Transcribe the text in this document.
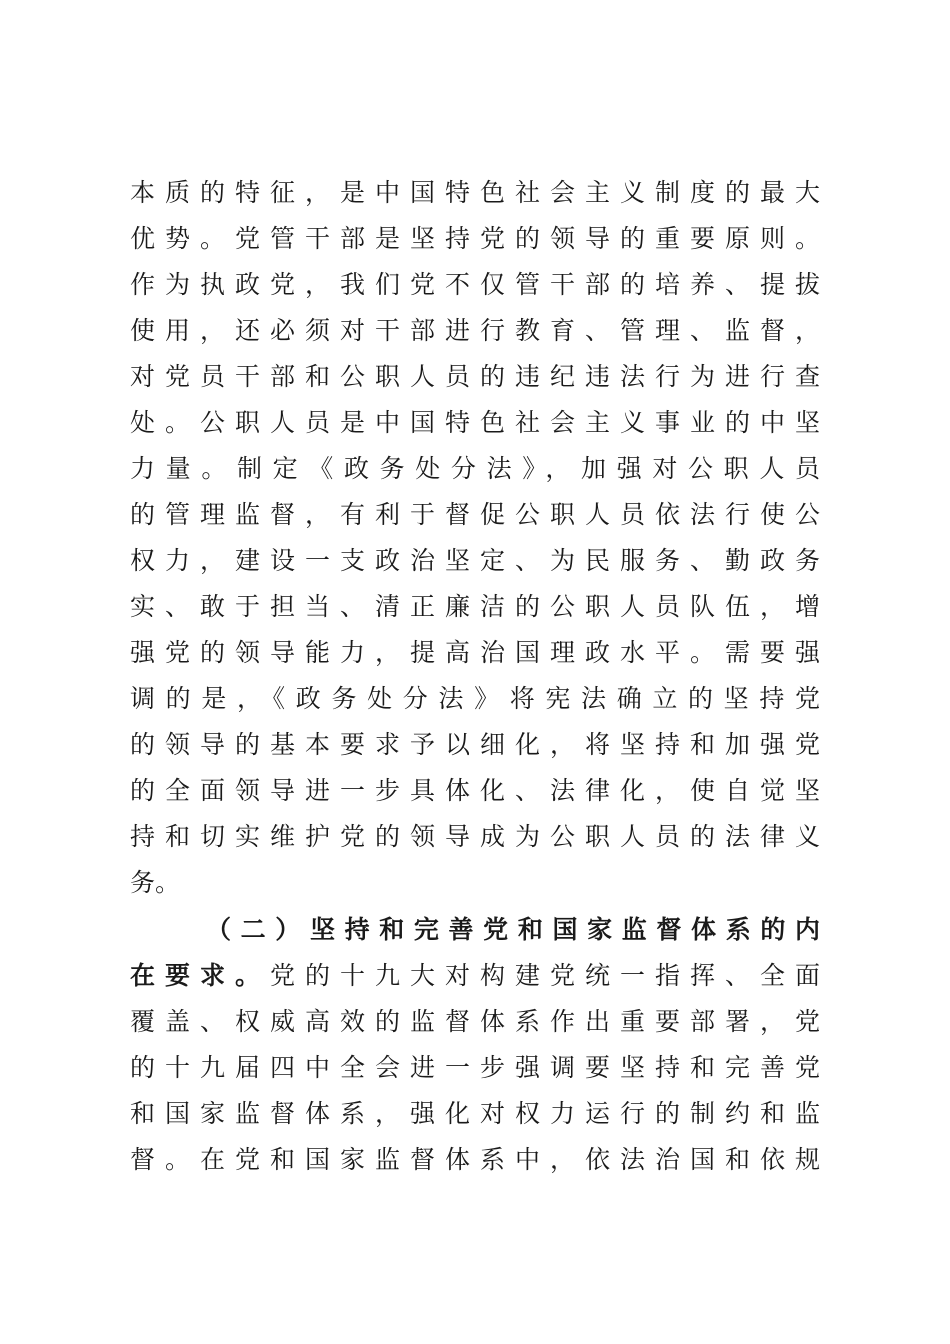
本质的特征，是中国特色社会主义制度的最大
优势。党管干部是坚持党的领导的重要原则。
作为执政党，我们党不仅管干部的培养、提拔
使用，还必须对干部进行教育、管理、监督，
对党员干部和公职人员的违纪违法行为进行查
处。公职人员是中国特色社会主义事业的中坚
力量。制定《政务处分法》，加强对公职人员
的管理监督，有利于督促公职人员依法行使公
权力，建设一支政治坚定、为民服务、勤政务
实、敢于担当、清正廉洁的公职人员队伍，增
强党的领导能力，提高治国理政水平。需要强
调的是，《政务处分法》将宪法确立的坚持党
的领导的基本要求予以细化，将坚持和加强党
的全面领导进一步具体化、法律化，使自觉坚
持和切实维护党的领导成为公职人员的法律义
务。
（二）坚持和完善党和国家监督体系的内
在要求。党的十九大对构建党统一指挥、全面
覆盖、权威高效的监督体系作出重要部署，党
的十九届四中全会进一步强调要坚持和完善党
和国家监督体系，强化对权力运行的制约和监
督。在党和国家监督体系中，依法治国和依规
